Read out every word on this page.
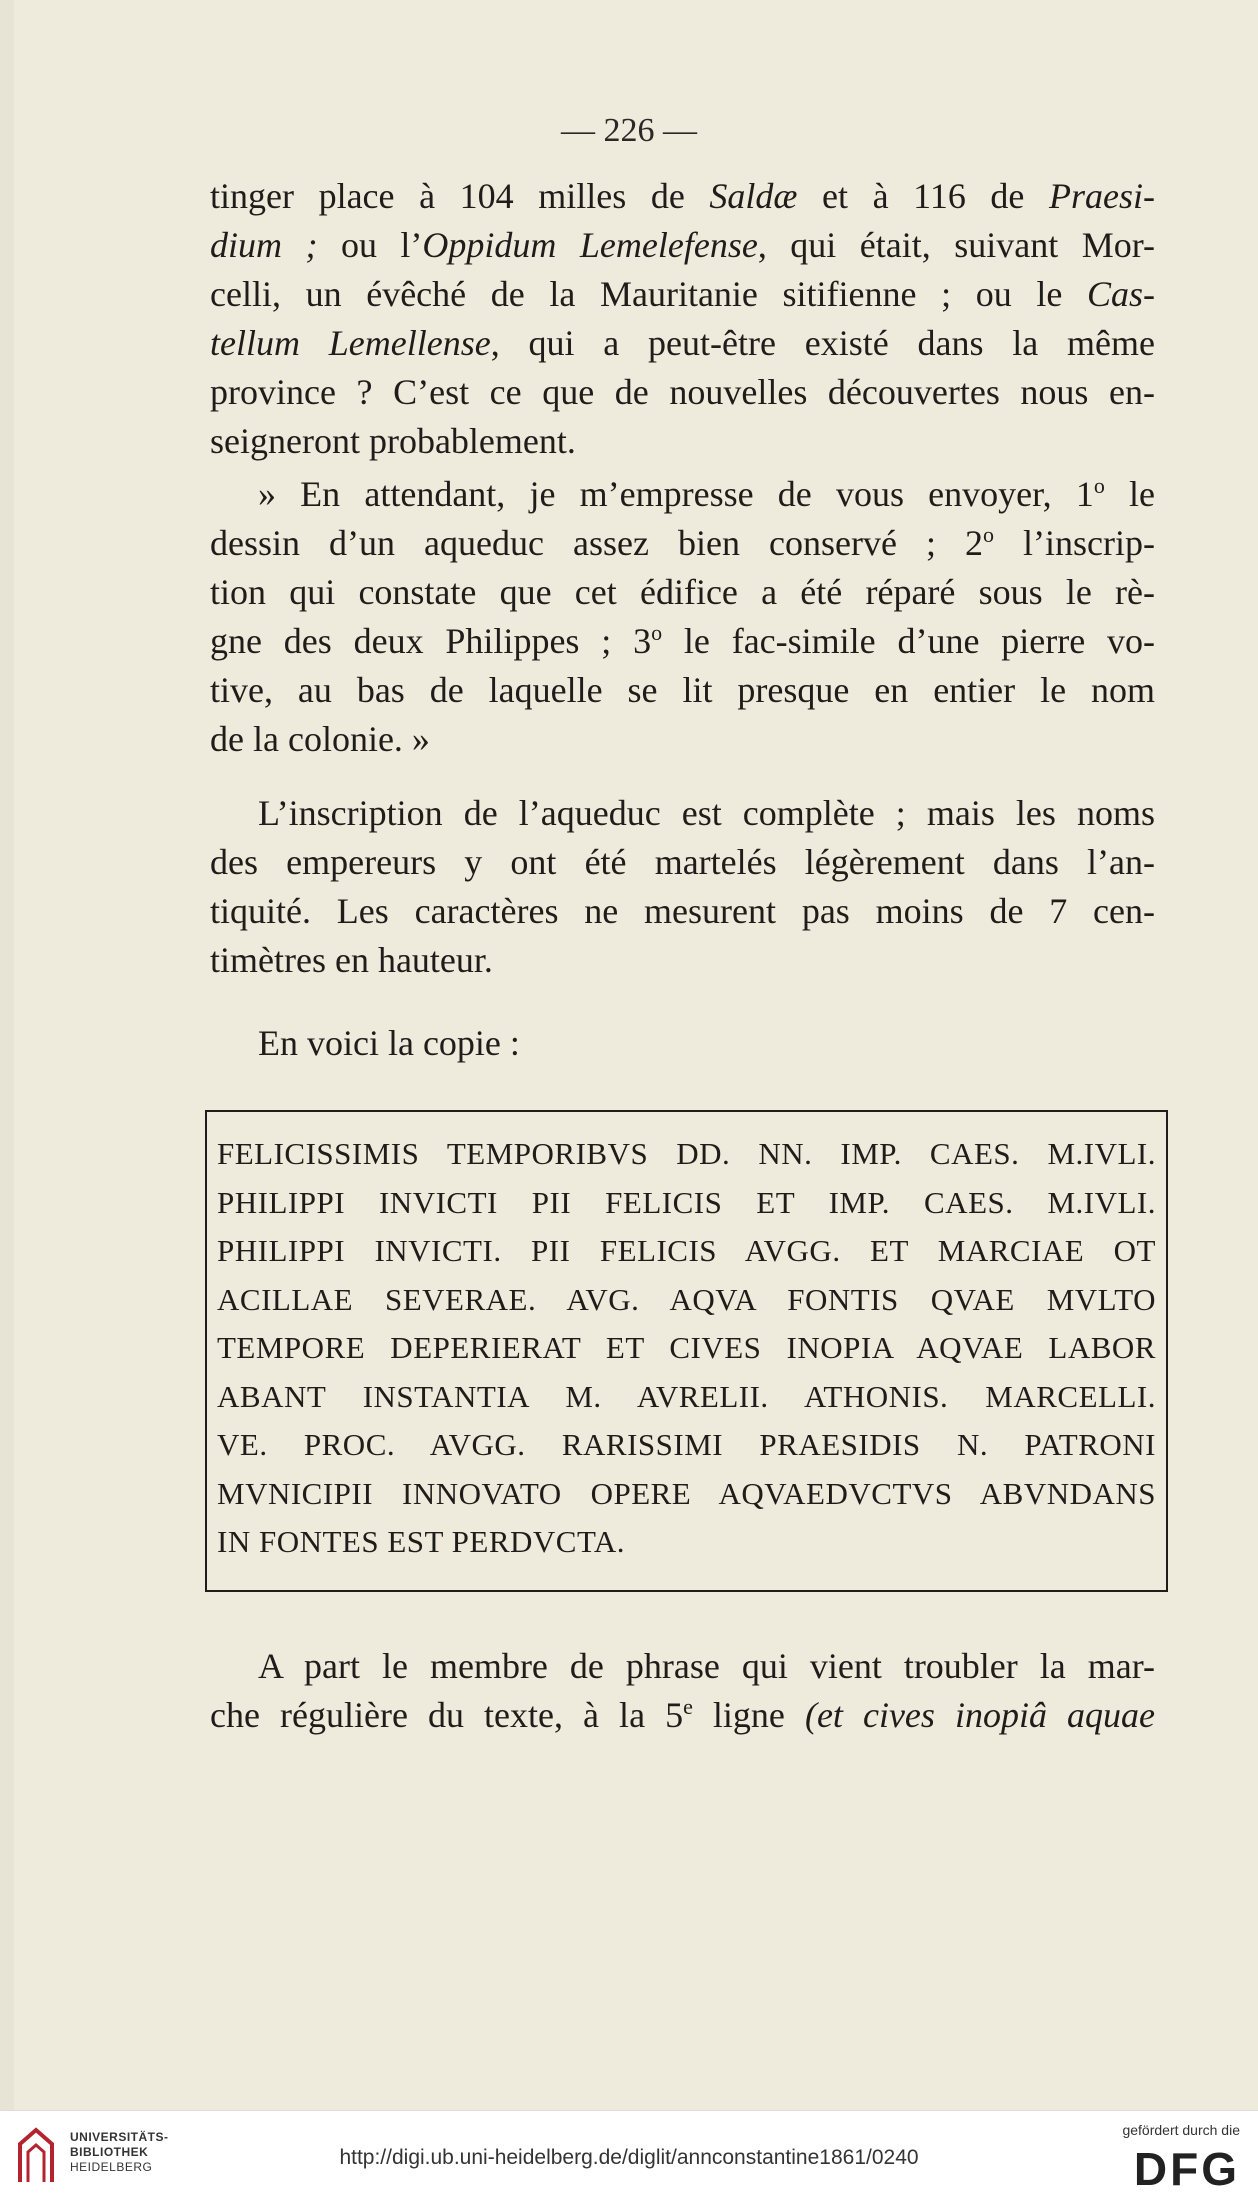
— 226 —
tinger place à 104 milles de Saldæ et à 116 de Praesi-
dium ; ou l’Oppidum Lemelefense, qui était, suivant Mor-
celli, un évêché de la Mauritanie sitifienne ; ou le Cas-
tellum Lemellense, qui a peut-être existé dans la même
province ? C’est ce que de nouvelles découvertes nous en-
seigneront probablement.
» En attendant, je m’empresse de vous envoyer, 1$^o$ le
dessin d’un aqueduc assez bien conservé ; 2$^o$ l’inscrip-
tion qui constate que cet édifice a été réparé sous le rè-
gne des deux Philippes ; 3$^o$ le fac-simile d’une pierre vo-
tive, au bas de laquelle se lit presque en entier le nom
de la colonie. »
L’inscription de l’aqueduc est complète ; mais les noms
des empereurs y ont été martelés légèrement dans l’an-
tiquité. Les caractères ne mesurent pas moins de 7 cen-
timètres en hauteur.
En voici la copie :
FELICISSIMIS TEMPORIBVS DD. NN. IMP. CAES. M.IVLI.
PHILIPPI INVICTI PII FELICIS ET IMP. CAES. M.IVLI.
PHILIPPI INVICTI. PII FELICIS AVGG. ET MARCIAE OT
ACILLAE SEVERAE. AVG. AQVA FONTIS QVAE MVLTO
TEMPORE DEPERIERAT ET CIVES INOPIA AQVAE LABOR
ABANT INSTANTIA M. AVRELII. ATHONIS. MARCELLI.
VE. PROC. AVGG. RARISSIMI PRAESIDIS N. PATRONI
MVNICIPII INNOVATO OPERE AQVAEDVCTVS ABVNDANS
IN FONTES EST PERDVCTA.
A part le membre de phrase qui vient troubler la mar-
che régulière du texte, à la 5e ligne (et cives inopiâ aquae
UNIVERSITÄTS-
BIBLIOTHEK
HEIDELBERG	http://digi.ub.uni-heidelberg.de/diglit/annconstantine1861/0240
gefördert durch die
DFG
